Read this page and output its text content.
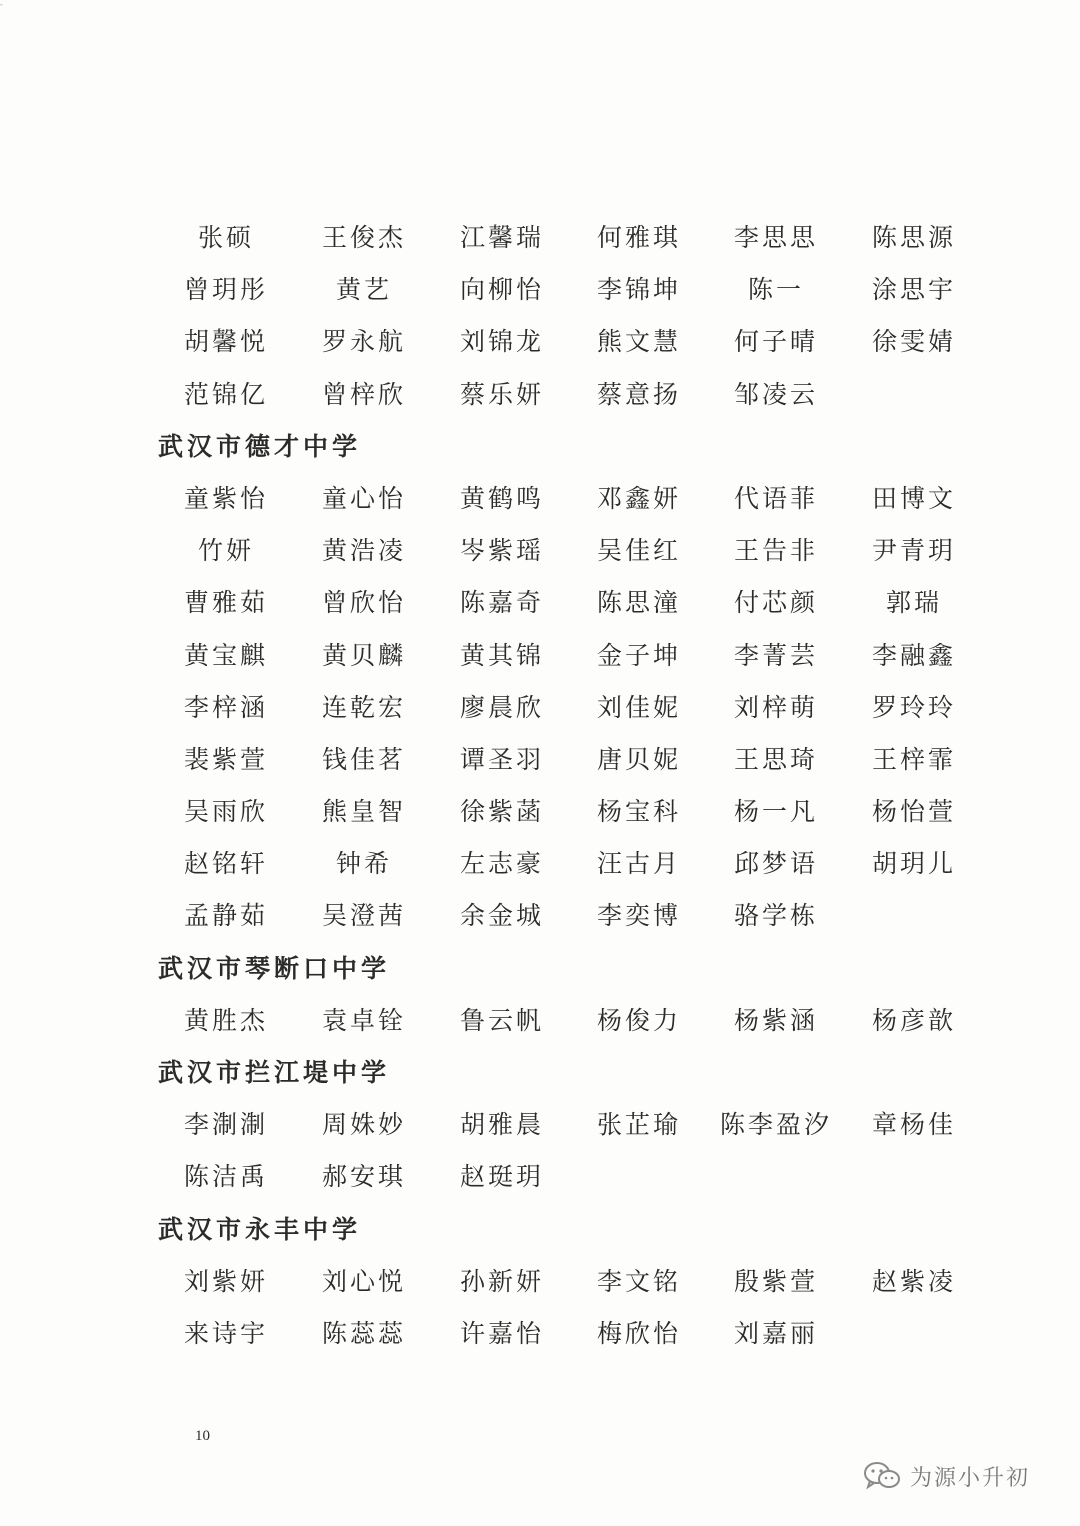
-
张硕	王俊杰	江馨瑞	何雅琪	李思思	陈思源
曾玥彤	黄艺	向柳怡	李锦坤	陈一	涂思宇
胡馨悦	罗永航	刘锦龙	熊文慧	何子晴	徐雯婧
范锦亿	曾梓欣	蔡乐妍	蔡意扬	邹凌云
武汉市德才中学
童紫怡	童心怡	黄鹤鸣	邓鑫妍	代语菲	田博文
竹妍	黄浩凌	岑紫瑶	吴佳红	王告非	尹青玥
曹雅茹	曾欣怡	陈嘉奇	陈思潼	付芯颜	郭瑞
黄宝麒	黄贝麟	黄其锦	金子坤	李菁芸	李融鑫
李梓涵	连乾宏	廖晨欣	刘佳妮	刘梓萌	罗玲玲
裴紫萱	钱佳茗	谭圣羽	唐贝妮	王思琦	王梓霏
吴雨欣	熊皇智	徐紫菡	杨宝科	杨一凡	杨怡萱
赵铭轩	钟希	左志豪	汪古月	邱梦语	胡玥儿
孟静茹	吴澄茜	余金城	李奕博	骆学栋
武汉市琴断口中学
黄胜杰	袁卓铨	鲁云帆	杨俊力	杨紫涵	杨彦歆
武汉市拦江堤中学
李淛淛	周姝妙	胡雅晨	张芷瑜	陈李盈汐	章杨佳
陈洁禹	郝安琪	赵珽玥
武汉市永丰中学
刘紫妍	刘心悦	孙新妍	李文铭	殷紫萱	赵紫凌
来诗宇	陈蕊蕊	许嘉怡	梅欣怡	刘嘉丽
10
为源小升初
